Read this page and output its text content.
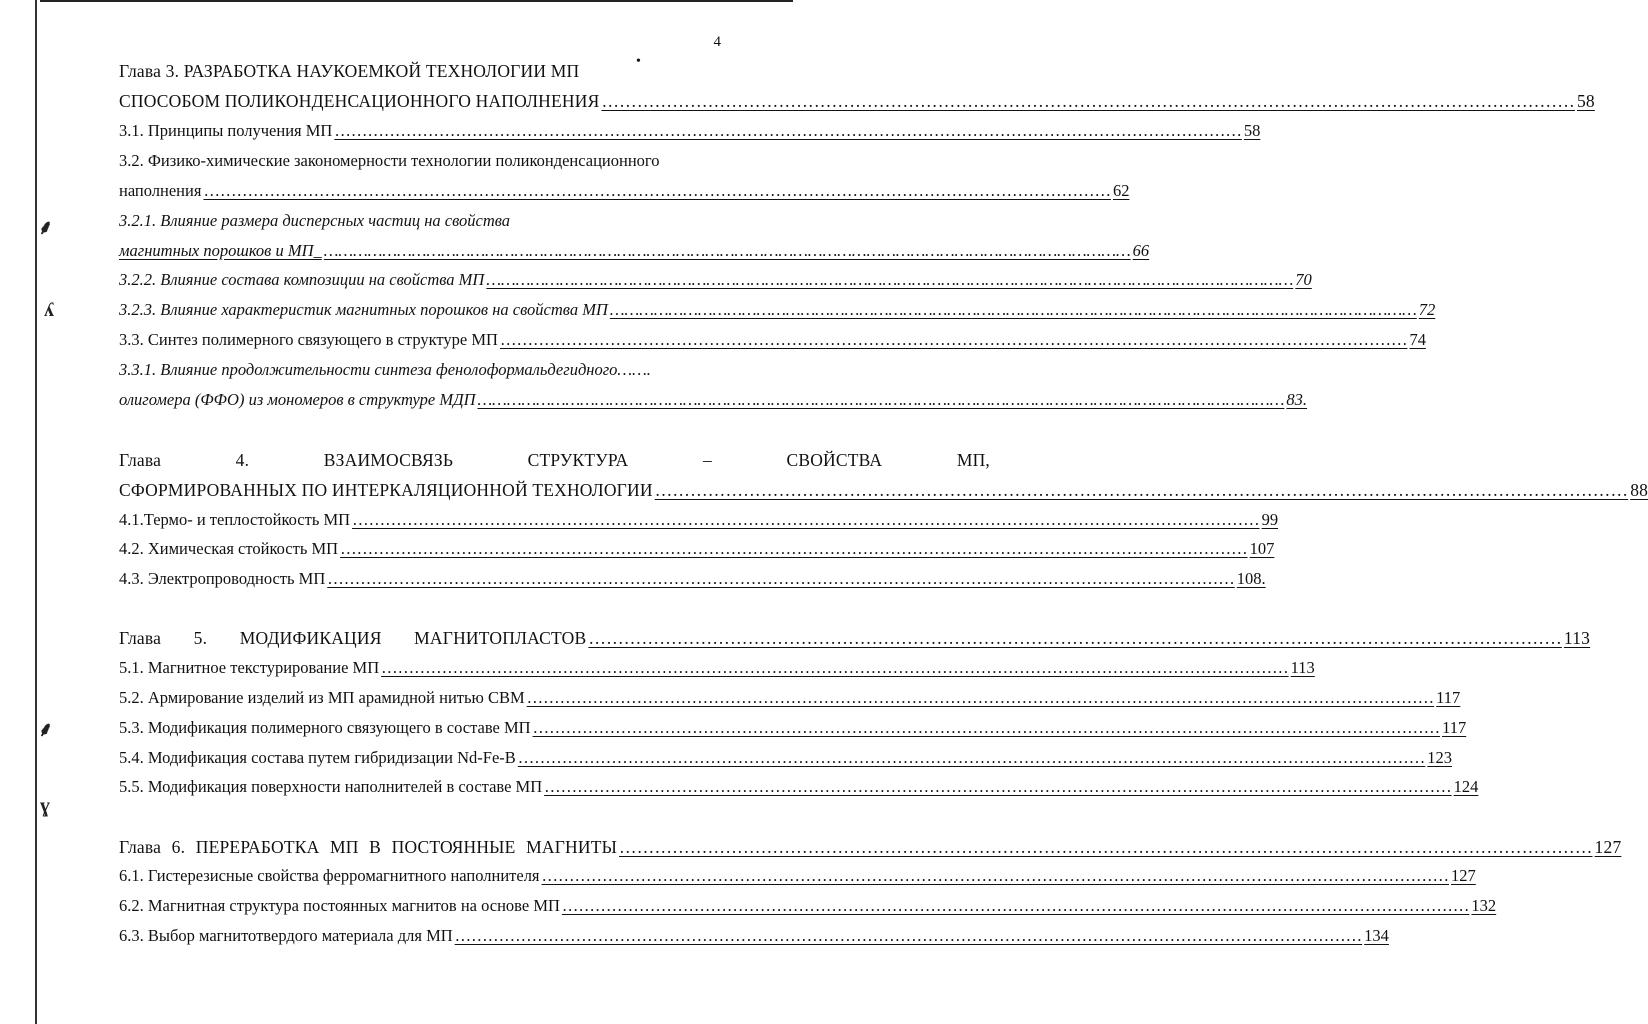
4
•
⸙
ʎ
⸙
ɣ
Глава 3. РАЗРАБОТКА НАУКОЕМКОЙ ТЕХНОЛОГИИ МП
СПОСОБОМ ПОЛИКОНДЕНСАЦИОННОГО НАПОЛНЕНИЯ …………………………………………………………………………………………………………………………………………………	58
3.1. Принципы получения МП …………………………………………………………………………………………………………………………………………………	58
3.2. Физико-химические закономерности технологии поликонденсационного
наполнения …………………………………………………………………………………………………………………………………………………	62
3.2.1. Влияние размера дисперсных частиц на свойства
магнитных порошков и МП_ …………………………………………………………………………………………………………………………………………………	66
3.2.2. Влияние состава композиции на свойства МП …………………………………………………………………………………………………………………………………………………	70
3.2.3. Влияние характеристик магнитных порошков на свойства МП …………………………………………………………………………………………………………………………………………………	72
3.3. Синтез полимерного связующего в структуре МП …………………………………………………………………………………………………………………………………………………	74
3.3.1. Влияние продолжительности синтеза фенолоформальдегидного…….
олигомера (ФФО) из мономеров в структуре МДП …………………………………………………………………………………………………………………………………………………	83.
Глава 4. ВЗАИМОСВЯЗЬ СТРУКТУРА – СВОЙСТВА МП,
СФОРМИРОВАННЫХ ПО ИНТЕРКАЛЯЦИОННОЙ ТЕХНОЛОГИИ …………………………………………………………………………………………………………………………………………………	88
4.1.Термо- и теплостойкость МП …………………………………………………………………………………………………………………………………………………	99
4.2. Химическая стойкость МП …………………………………………………………………………………………………………………………………………………	107
4.3. Электропроводность МП …………………………………………………………………………………………………………………………………………………	108.
Глава 5. МОДИФИКАЦИЯ МАГНИТОПЛАСТОВ …………………………………………………………………………………………………………………………………………………	113
5.1. Магнитное текстурирование МП …………………………………………………………………………………………………………………………………………………	113
5.2. Армирование изделий из МП арамидной нитью СВМ …………………………………………………………………………………………………………………………………………………	117
5.3. Модификация полимерного связующего в составе МП …………………………………………………………………………………………………………………………………………………	117
5.4. Модификация состава путем гибридизации Nd-Fe-B …………………………………………………………………………………………………………………………………………………	123
5.5. Модификация поверхности наполнителей в составе МП …………………………………………………………………………………………………………………………………………………	124
Глава 6. ПЕРЕРАБОТКА МП В ПОСТОЯННЫЕ МАГНИТЫ …………………………………………………………………………………………………………………………………………………	127
6.1. Гистерезисные свойства ферромагнитного наполнителя …………………………………………………………………………………………………………………………………………………	127
6.2. Магнитная структура постоянных магнитов на основе МП …………………………………………………………………………………………………………………………………………………	132
6.3. Выбор магнитотвердого материала для МП …………………………………………………………………………………………………………………………………………………	134
